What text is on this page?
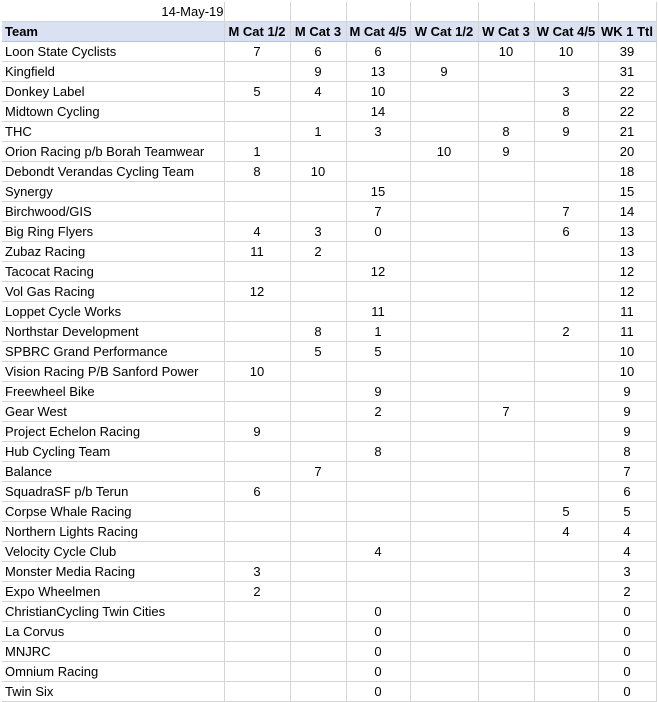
14-May-19							
Team	M Cat 1/2	M Cat 3	M Cat 4/5	W Cat 1/2	W Cat 3	W Cat 4/5	WK 1 Ttl
Loon State Cyclists	7	6	6		10	10	39
Kingfield		9	13	9			31
Donkey Label	5	4	10			3	22
Midtown Cycling			14			8	22
THC		1	3		8	9	21
Orion Racing p/b Borah Teamwear	1			10	9		20
Debondt Verandas Cycling Team	8	10					18
Synergy			15				15
Birchwood/GIS			7			7	14
Big Ring Flyers	4	3	0			6	13
Zubaz Racing	11	2					13
Tacocat Racing			12				12
Vol Gas Racing	12						12
Loppet Cycle Works			11				11
Northstar Development		8	1			2	11
SPBRC Grand Performance		5	5				10
Vision Racing P/B Sanford Power	10						10
Freewheel Bike			9				9
Gear West			2		7		9
Project Echelon Racing	9						9
Hub Cycling Team			8				8
Balance		7					7
SquadraSF p/b Terun	6						6
Corpse Whale Racing						5	5
Northern Lights Racing						4	4
Velocity Cycle Club			4				4
Monster Media Racing	3						3
Expo Wheelmen	2						2
ChristianCycling Twin Cities			0				0
La Corvus			0				0
MNJRC			0				0
Omnium Racing			0				0
Twin Six			0				0
